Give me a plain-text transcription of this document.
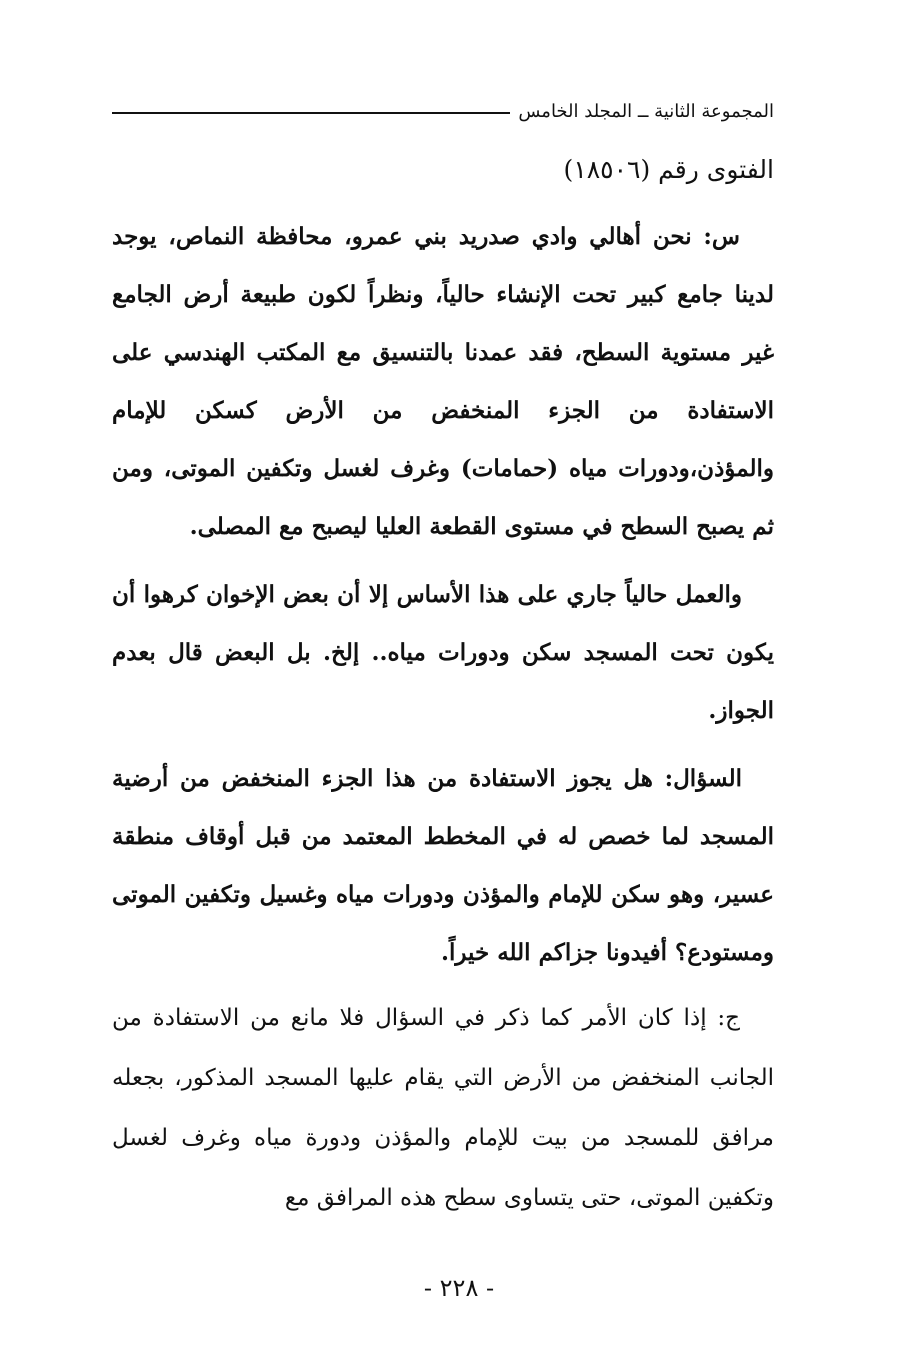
المجموعة الثانية ــ المجلد الخامس
الفتوى رقم (١٨٥٠٦)

س: نحن أهالي وادي صدريد بني عمرو، محافظة النماص، يوجد لدينا جامع كبير تحت الإنشاء حالياً، ونظراً لكون طبيعة أرض الجامع غير مستوية السطح، فقد عمدنا بالتنسيق مع المكتب الهندسي على الاستفادة من الجزء المنخفض من الأرض كسكن للإمام والمؤذن،ودورات مياه (حمامات) وغرف لغسل وتكفين الموتى، ومن ثم يصبح السطح في مستوى القطعة العليا ليصبح مع المصلى.

والعمل حالياً جاري على هذا الأساس إلا أن بعض الإخوان كرهوا أن يكون تحت المسجد سكن ودورات مياه.. إلخ. بل البعض قال بعدم الجواز.

السؤال: هل يجوز الاستفادة من هذا الجزء المنخفض من أرضية المسجد لما خصص له في المخطط المعتمد من قبل أوقاف منطقة عسير، وهو سكن للإمام والمؤذن ودورات مياه وغسيل وتكفين الموتى ومستودع؟ أفيدونا جزاكم الله خيراً.

ج: إذا كان الأمر كما ذكر في السؤال فلا مانع من الاستفادة من الجانب المنخفض من الأرض التي يقام عليها المسجد المذكور، بجعله مرافق للمسجد من بيت للإمام والمؤذن ودورة مياه وغرف لغسل وتكفين الموتى، حتى يتساوى سطح هذه المرافق مع

- ٢٢٨ -
